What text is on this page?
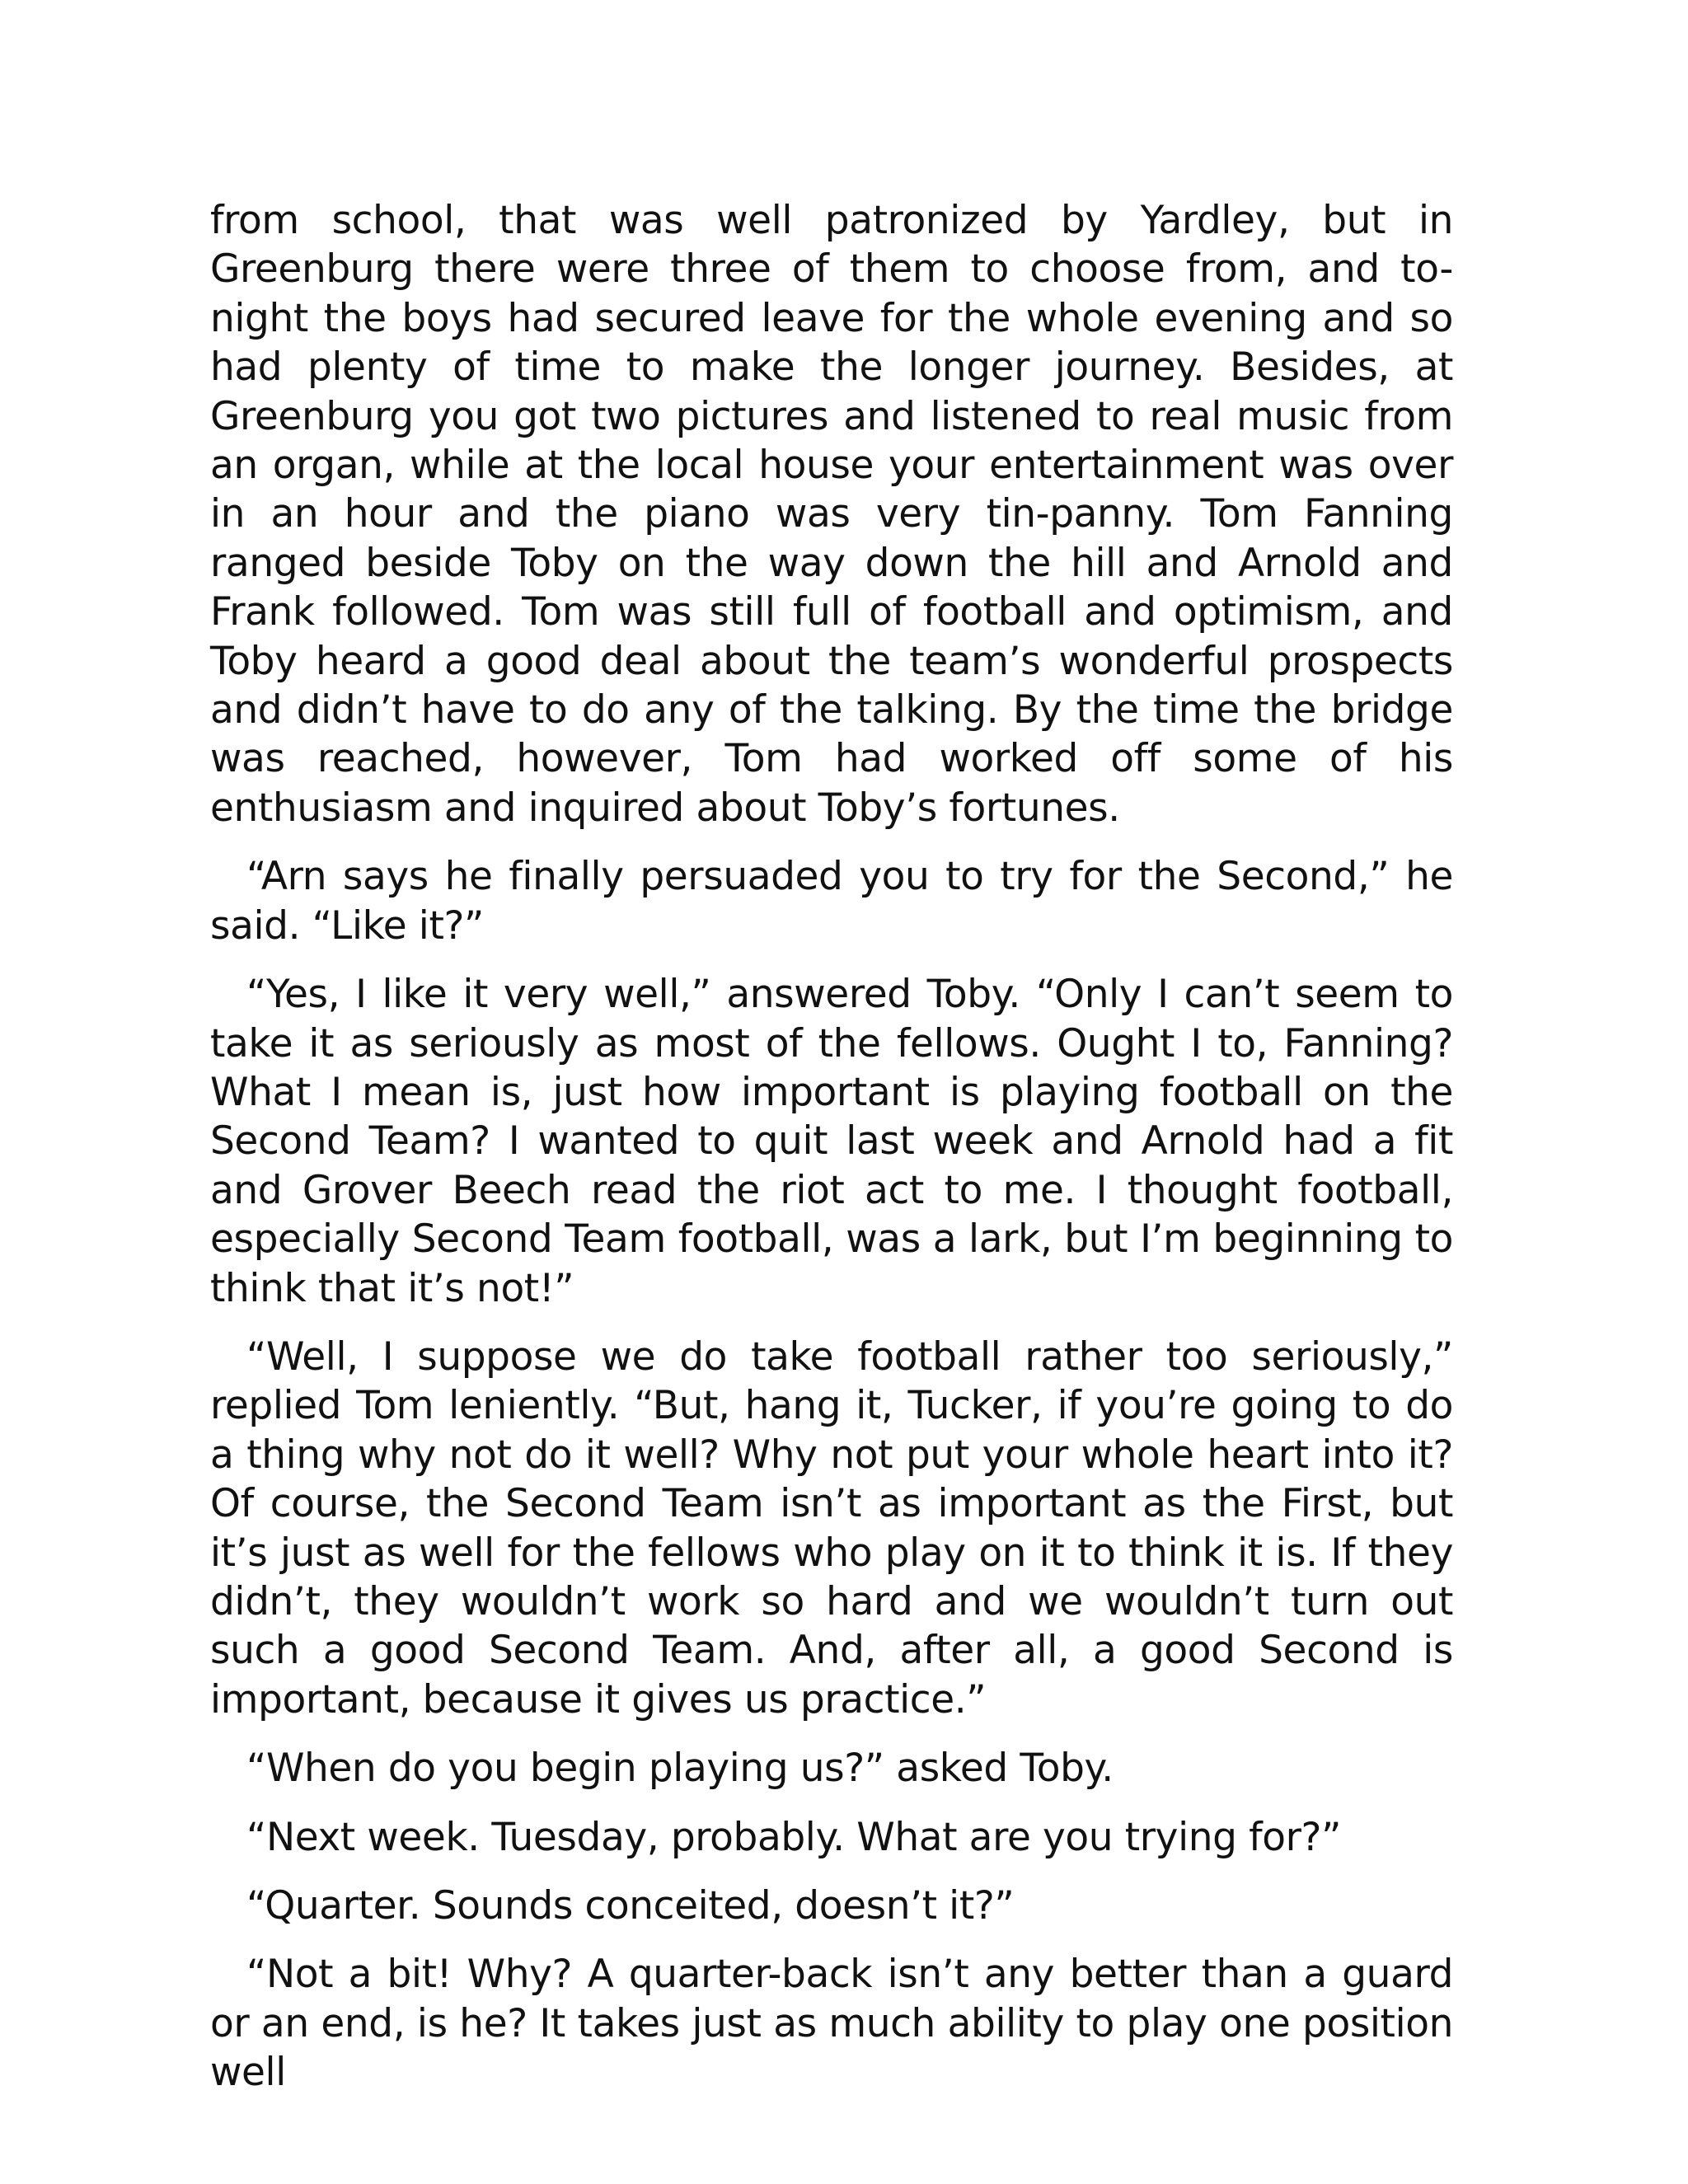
from school, that was well patronized by Yardley, but in Greenburg there were three of them to choose from, and to-night the boys had secured leave for the whole evening and so had plenty of time to make the longer journey. Besides, at Greenburg you got two pictures and listened to real music from an organ, while at the local house your entertainment was over in an hour and the piano was very tin-panny. Tom Fanning ranged beside Toby on the way down the hill and Arnold and Frank followed. Tom was still full of football and optimism, and Toby heard a good deal about the team’s wonderful prospects and didn’t have to do any of the talking. By the time the bridge was reached, however, Tom had worked off some of his enthusiasm and inquired about Toby’s fortunes.

“Arn says he finally persuaded you to try for the Second,” he said. “Like it?”

“Yes, I like it very well,” answered Toby. “Only I can’t seem to take it as seriously as most of the fellows. Ought I to, Fanning? What I mean is, just how important is playing football on the Second Team? I wanted to quit last week and Arnold had a fit and Grover Beech read the riot act to me. I thought football, especially Second Team football, was a lark, but I’m beginning to think that it’s not!”

“Well, I suppose we do take football rather too seriously,” replied Tom leniently. “But, hang it, Tucker, if you’re going to do a thing why not do it well? Why not put your whole heart into it? Of course, the Second Team isn’t as important as the First, but it’s just as well for the fellows who play on it to think it is. If they didn’t, they wouldn’t work so hard and we wouldn’t turn out such a good Second Team. And, after all, a good Second is important, because it gives us practice.”

“When do you begin playing us?” asked Toby.

“Next week. Tuesday, probably. What are you trying for?”

“Quarter. Sounds conceited, doesn’t it?”

“Not a bit! Why? A quarter-back isn’t any better than a guard or an end, is he? It takes just as much ability to play one position well
